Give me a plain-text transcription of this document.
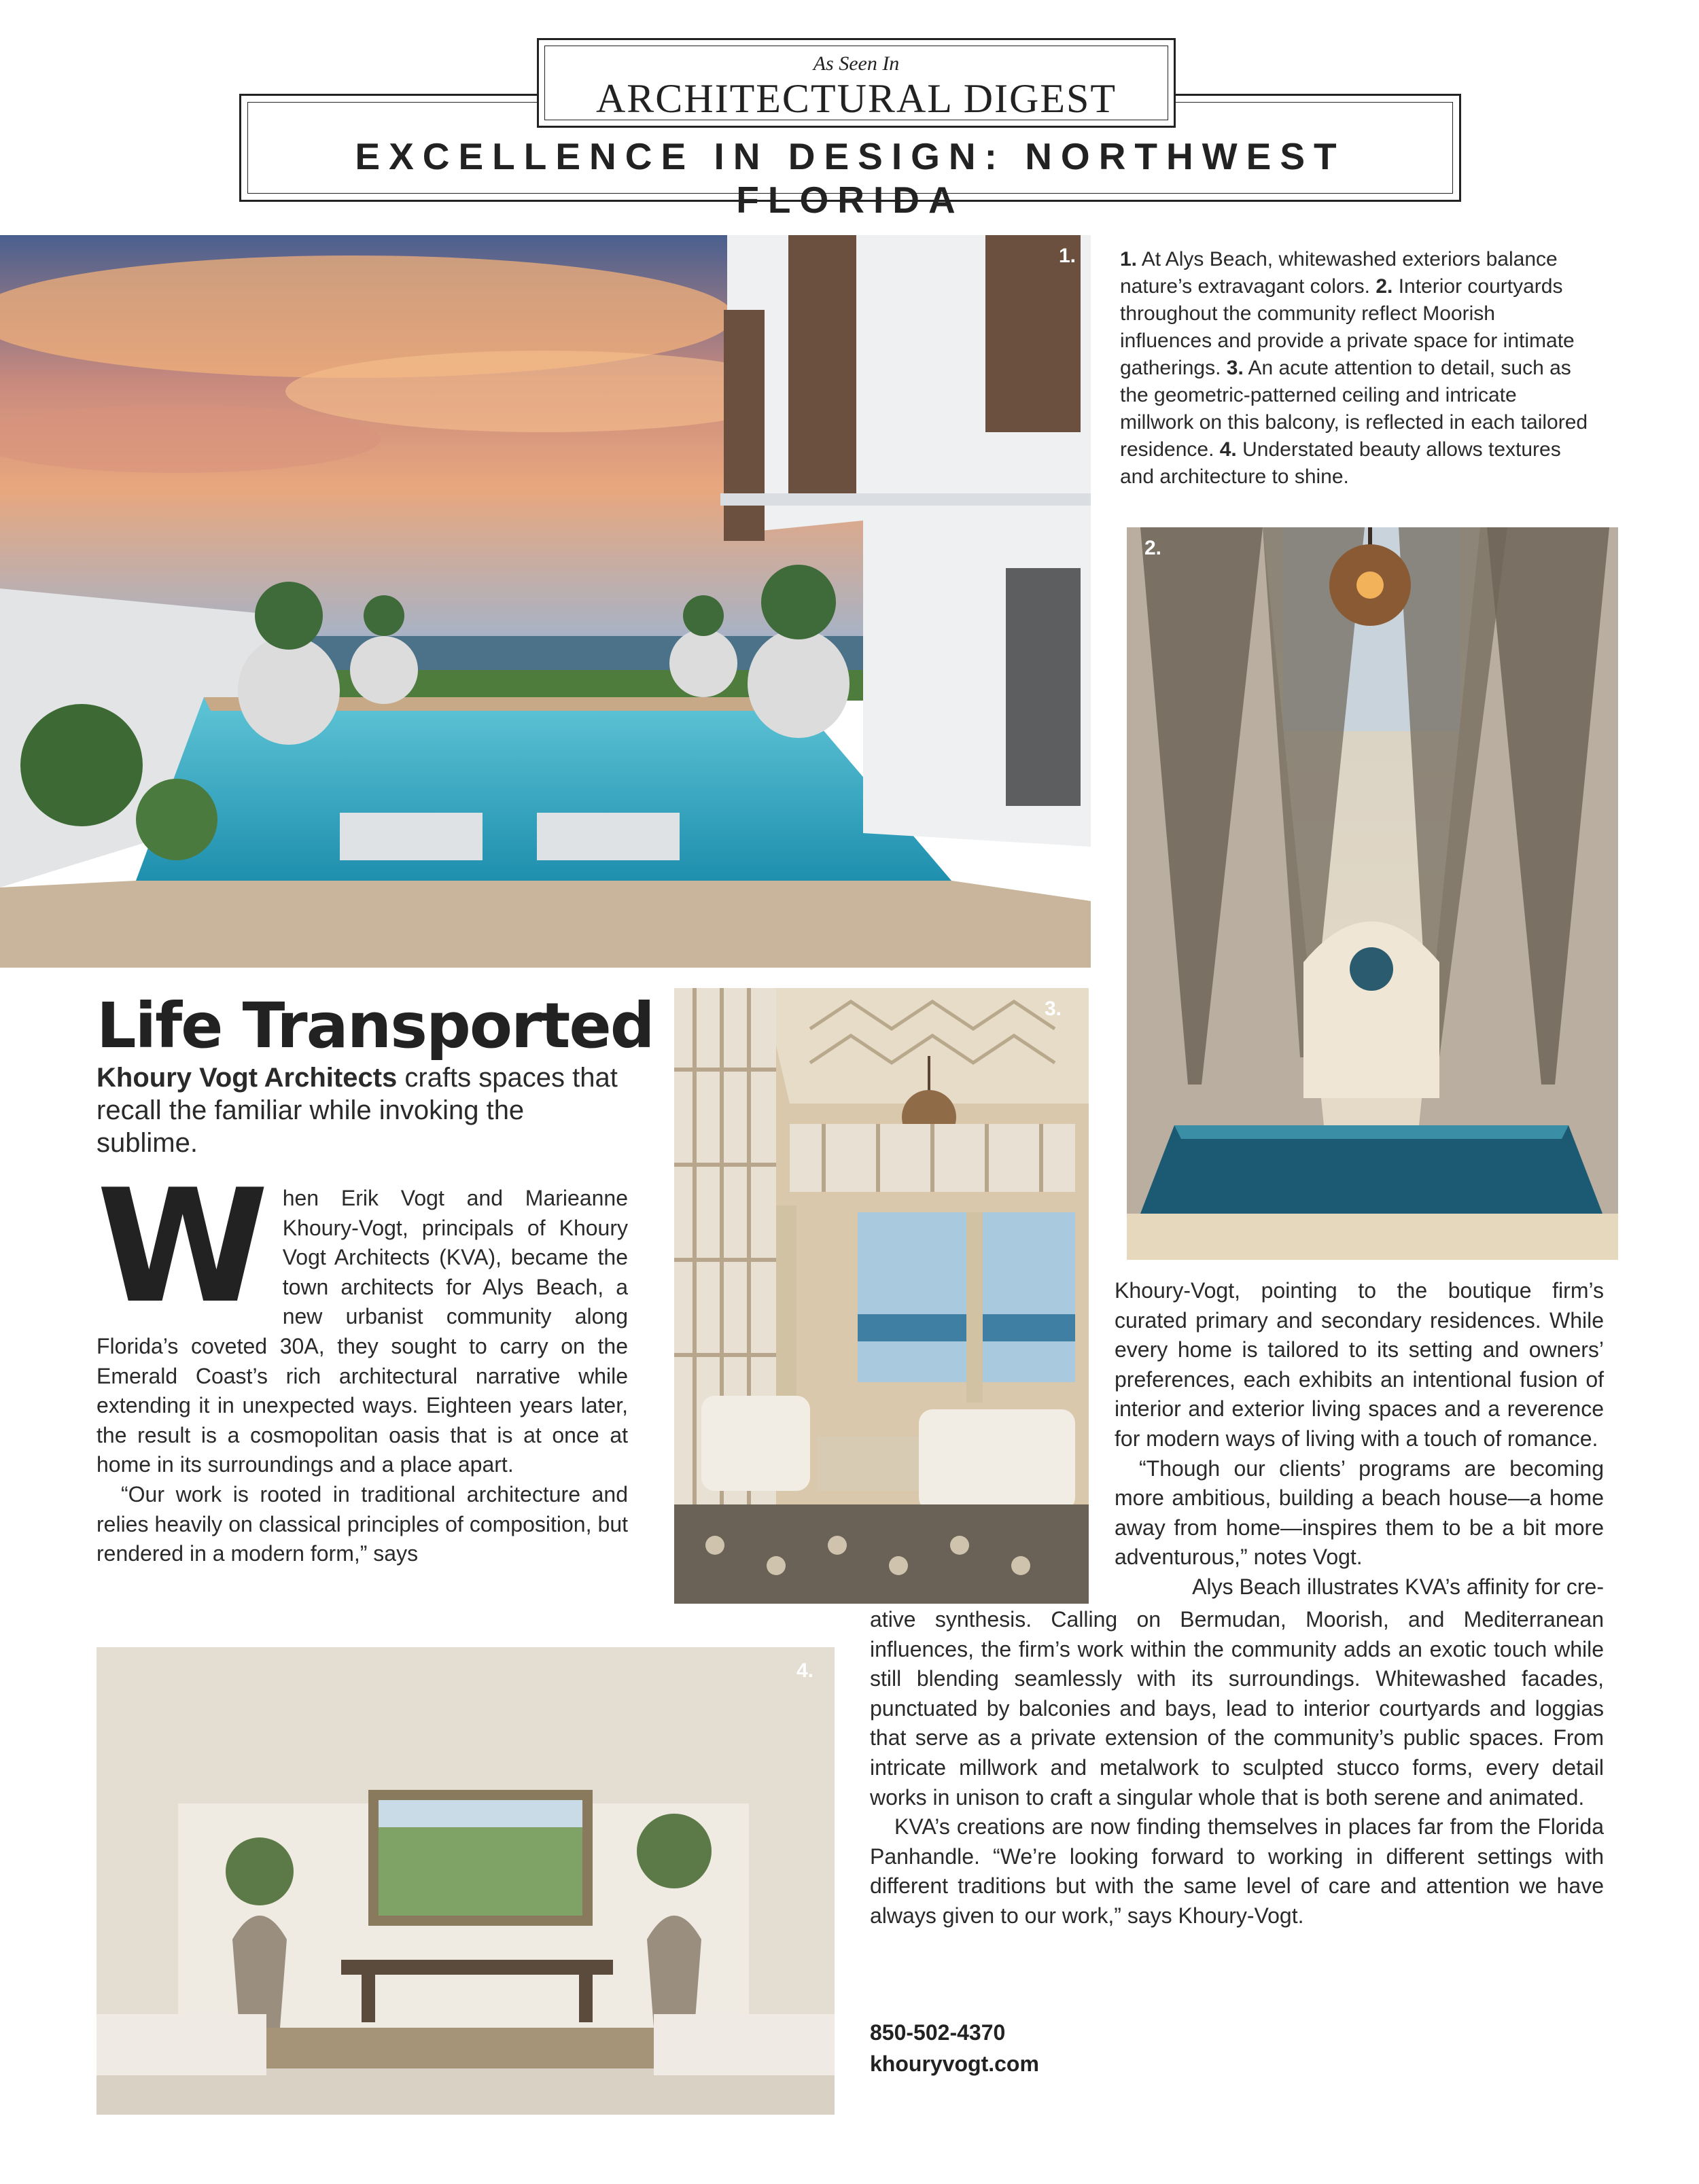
As Seen In
ARCHITECTURAL DIGEST
EXCELLENCE IN DESIGN: NORTHWEST FLORIDA
1. 1. At Alys Beach, whitewashed exteriors balance nature’s extravagant colors. 2. Interior courtyards throughout the community reflect Moorish influences and provide a private space for intimate gatherings. 3. An acute attention to detail, such as the geometric-patterned ceiling and intricate millwork on this balcony, is reflected in each tailored residence. 4. Understated beauty allows textures and architecture to shine.
2.
Life Transported
Khoury Vogt Architects crafts spaces that recall the familiar while invoking the sublime.
3.

When Erik Vogt and Marieanne Khoury-Vogt, principals of Khoury Vogt Architects (KVA), became the town architects for Alys Beach, a new urbanist community along Florida’s coveted 30A, they sought to carry on the Emerald Coast’s rich architectural narrative while extending it in unexpected ways. Eighteen years later, the result is a cosmopolitan oasis that is at once at home in its surroundings and a place apart.

“Our work is rooted in traditional architecture and relies heavily on classical principles of composition, but rendered in a modern form,” says

Khoury-Vogt, pointing to the boutique firm’s curated primary and secondary residences. While every home is tailored to its setting and owners’ preferences, each exhibits an intentional fusion of interior and exterior living spaces and a reverence for modern ways of living with a touch of romance.

“Though our clients’ programs are becoming more ambitious, building a beach house—a home away from home—inspires them to be a bit more adventurous,” notes Vogt.

Alys Beach illustrates KVA’s affinity for cre-

ative synthesis. Calling on Bermudan, Moorish, and Mediterranean influences, the firm’s work within the community adds an exotic touch while still blending seamlessly with its surroundings. Whitewashed facades, punctuated by balconies and bays, lead to interior courtyards and loggias that serve as a private extension of the community’s public spaces. From intricate millwork and metalwork to sculpted stucco forms, every detail works in unison to craft a singular whole that is both serene and animated.

KVA’s creations are now finding themselves in places far from the Florida Panhandle. “We’re looking forward to working in different settings with different traditions but with the same level of care and attention we have always given to our work,” says Khoury-Vogt.

4.
850-502-4370
khouryvogt.com
